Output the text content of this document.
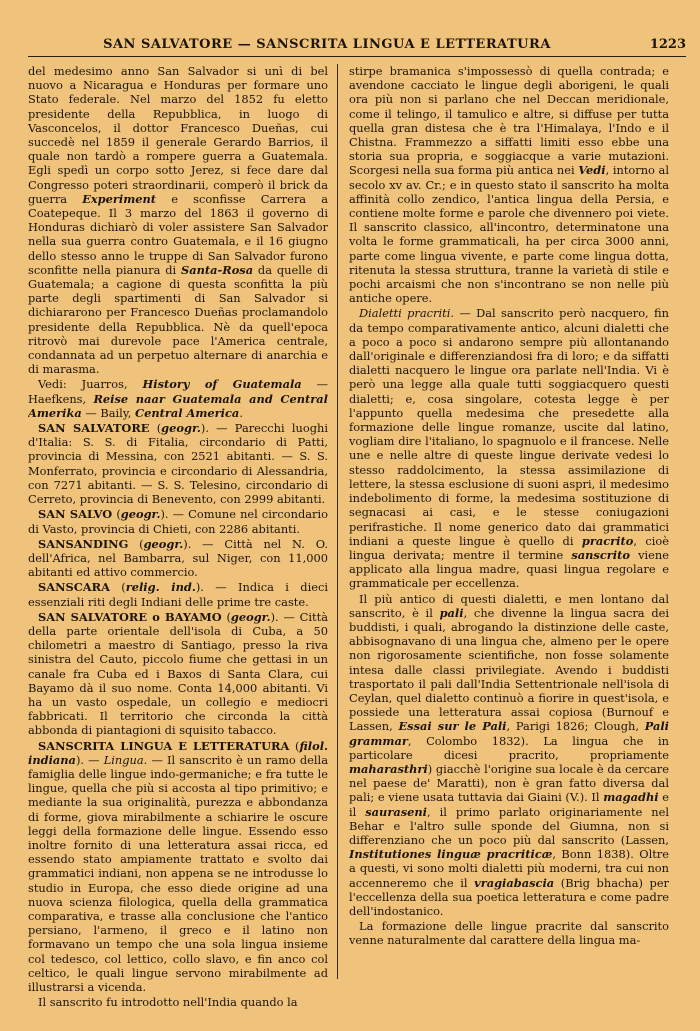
SAN SALVATORE — SANSCRITA LINGUA E LETTERATURA	1223

del medesimo anno San Salvador si unì di bel nuovo a Nicaragua e Honduras per formare uno Stato federale. Nel marzo del 1852 fu eletto presidente della Repubblica, in luogo di Vasconcelos, il dottor Francesco Dueñas, cui succedè nel 1859 il generale Gerardo Barrios, il quale non tardò a rompere guerra a Guatemala. Egli spedì un corpo sotto Jerez, si fece dare dal Congresso poteri straordinarii, comperò il brick da guerra Experiment e sconfisse Carrera a Coatepeque. Il 3 marzo del 1863 il governo di Honduras dichiarò di voler assistere San Salvador nella sua guerra contro Guatemala, e il 16 giugno dello stesso anno le truppe di San Salvador furono sconfitte nella pianura di Santa-Rosa da quelle di Guatemala; a cagione di questa sconfitta la più parte degli spartimenti di San Salvador si dichiararono per Francesco Dueñas proclamandolo presidente della Repubblica. Nè da quell'epoca ritrovò mai durevole pace l'America centrale, condannata ad un perpetuo alternare di anarchia e di marasma.

Vedi: Juarros, History of Guatemala — Haefkens, Reise naar Guatemala and Central Amerika — Baily, Central America.

SAN SALVATORE (geogr.). — Parecchi luoghi d'Italia: S. S. di Fitalia, circondario di Patti, provincia di Messina, con 2521 abitanti. — S. S. Monferrato, provincia e circondario di Alessandria, con 7271 abitanti. — S. S. Telesino, circondario di Cerreto, provincia di Benevento, con 2999 abitanti.

SAN SALVO (geogr.). — Comune nel circondario di Vasto, provincia di Chieti, con 2286 abitanti.

SANSANDING (geogr.). — Città nel N. O. dell'Africa, nel Bambarra, sul Niger, con 11,000 abitanti ed attivo commercio.

SANSCARA (relig. ind.). — Indica i dieci essenziali riti degli Indiani delle prime tre caste.

SAN SALVATORE o BAYAMO (geogr.). — Città della parte orientale dell'isola di Cuba, a 50 chilometri a maestro di Santiago, presso la riva sinistra del Cauto, piccolo fiume che gettasi in un canale fra Cuba ed i Baxos di Santa Clara, cui Bayamo dà il suo nome. Conta 14,000 abitanti. Vi ha un vasto ospedale, un collegio e mediocri fabbricati. Il territorio che circonda la città abbonda di piantagioni di squisito tabacco.

SANSCRITA LINGUA E LETTERATURA (filol. indiana). — Lingua. — Il sanscrito è un ramo della famiglia delle lingue indo-germaniche; e fra tutte le lingue, quella che più si accosta al tipo primitivo; e mediante la sua originalità, purezza e abbondanza di forme, giova mirabilmente a schiarire le oscure leggi della formazione delle lingue. Essendo esso inoltre fornito di una letteratura assai ricca, ed essendo stato ampiamente trattato e svolto dai grammatici indiani, non appena se ne introdusse lo studio in Europa, che esso diede origine ad una nuova scienza filologica, quella della grammatica comparativa, e trasse alla conclusione che l'antico persiano, l'armeno, il greco e il latino non formavano un tempo che una sola lingua insieme col tedesco, col lettico, collo slavo, e fin anco col celtico, le quali lingue servono mirabilmente ad illustrarsi a vicenda.

Il sanscrito fu introdotto nell'India quando la

stirpe bramanica s'impossessò di quella contrada; e avendone cacciato le lingue degli aborigeni, le quali ora più non si parlano che nel Deccan meridionale, come il telingo, il tamulico e altre, si diffuse per tutta quella gran distesa che è tra l'Himalaya, l'Indo e il Chistna. Frammezzo a siffatti limiti esso ebbe una storia sua propria, e soggiacque a varie mutazioni. Scorgesi nella sua forma più antica nei Vedi, intorno al secolo xv av. Cr.; e in questo stato il sanscrito ha molta affinità collo zendico, l'antica lingua della Persia, e contiene molte forme e parole che divennero poi viete. Il sanscrito classico, all'incontro, determinatone una volta le forme grammaticali, ha per circa 3000 anni, parte come lingua vivente, e parte come lingua dotta, ritenuta la stessa struttura, tranne la varietà di stile e pochi arcaismi che non s'incontrano se non nelle più antiche opere.

Dialetti pracriti. — Dal sanscrito però nacquero, fin da tempo comparativamente antico, alcuni dialetti che a poco a poco si andarono sempre più allontanando dall'originale e differenziandosi fra di loro; e da siffatti dialetti nacquero le lingue ora parlate nell'India. Vi è però una legge alla quale tutti soggiacquero questi dialetti; e, cosa singolare, cotesta legge è per l'appunto quella medesima che presedette alla formazione delle lingue romanze, uscite dal latino, vogliam dire l'italiano, lo spagnuolo e il francese. Nelle une e nelle altre di queste lingue derivate vedesi lo stesso raddolcimento, la stessa assimilazione di lettere, la stessa esclusione di suoni aspri, il medesimo indebolimento di forme, la medesima sostituzione di segnacasi ai casi, e le stesse coniugazioni perifrastiche. Il nome generico dato dai grammatici indiani a queste lingue è quello di pracrito, cioè lingua derivata; mentre il termine sanscrito viene applicato alla lingua madre, quasi lingua regolare e grammaticale per eccellenza.

Il più antico di questi dialetti, e men lontano dal sanscrito, è il pali, che divenne la lingua sacra dei buddisti, i quali, abrogando la distinzione delle caste, abbisognavano di una lingua che, almeno per le opere non rigorosamente scientifiche, non fosse solamente intesa dalle classi privilegiate. Avendo i buddisti trasportato il pali dall'India Settentrionale nell'isola di Ceylan, quel dialetto continuò a fiorire in quest'isola, e possiede una letteratura assai copiosa (Burnouf e Lassen, Essai sur le Pali, Parigi 1826; Clough, Pali grammar, Colombo 1832). La lingua che in particolare dicesi pracrito, propriamente maharasthri) giacchè l'origine sua locale è da cercare nel paese de' Maratti), non è gran fatto diversa dal pali; e viene usata tuttavia dai Giaini (V.). Il magadhi e il sauraseni, il primo parlato originariamente nel Behar e l'altro sulle sponde del Giumna, non si differenziano che un poco più dal sanscrito (Lassen, Institutiones linguæ pracriticæ, Bonn 1838). Oltre a questi, vi sono molti dialetti più moderni, tra cui non accenneremo che il vragiabascia (Brig bhacha) per l'eccellenza della sua poetica letteratura e come padre dell'indostanico.

La formazione delle lingue pracrite dal sanscrito venne naturalmente dal carattere della lingua ma-
